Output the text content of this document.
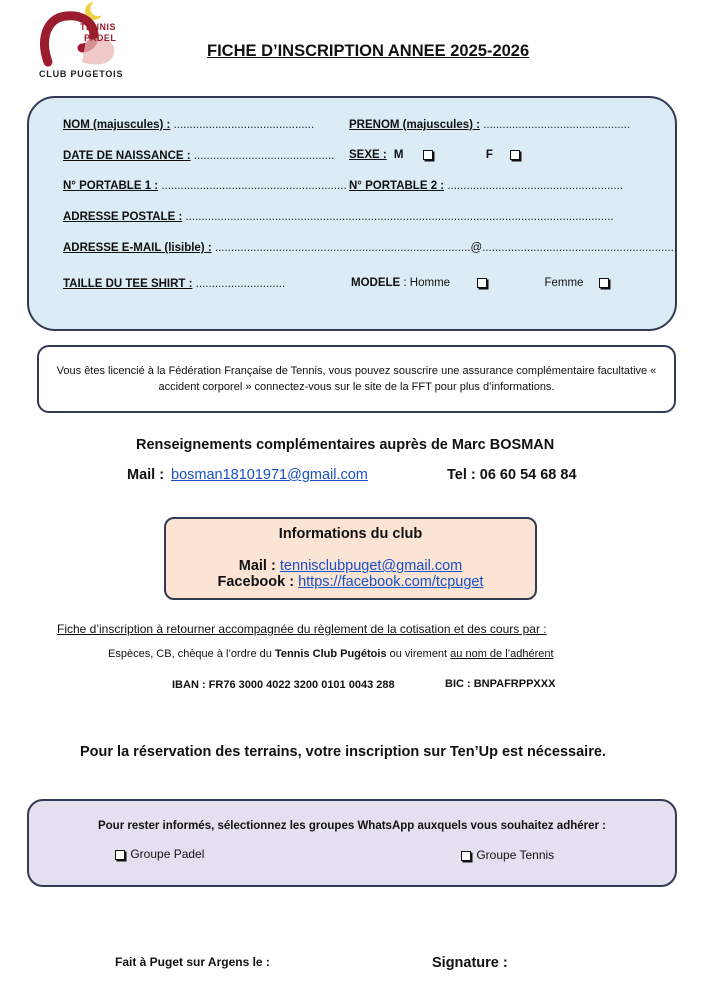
TENNIS
PADEL
CLUB PUGETOIS
FICHE D’INSCRIPTION ANNEE 2025-2026
NOM (majuscules) : ............................................	PRENOM (majuscules) : ..............................................
DATE DE NAISSANCE : ............................................ SEXE : M	F
N° PORTABLE 1 : .......................................................... N° PORTABLE 2 : .......................................................
ADRESSE POSTALE : ......................................................................................................................................
ADRESSE E-MAIL (lisible) : ................................................................................@.............................................................
TAILLE DU TEE SHIRT : ............................	MODELE : Homme	Femme
Vous êtes licencié à la Fédération Française de Tennis, vous pouvez souscrire une assurance complémentaire facultative « accident corporel » connectez-vous sur le site de la FFT pour plus d’informations.
Renseignements complémentaires auprès de Marc BOSMAN
Mail : bosman18101971@gmail.com	Tel : 06 60 54 68 84
Informations du club
Mail : tennisclubpuget@gmail.com
Facebook : https://facebook.com/tcpuget
Fiche d’inscription à retourner accompagnée du règlement de la cotisation et des cours par :
Espèces, CB, chèque à l’ordre du Tennis Club Pugétois ou virement au nom de l’adhérent
IBAN : FR76 3000 4022 3200 0101 0043 288	BIC : BNPAFRPPXXX
Pour la réservation des terrains, votre inscription sur Ten’Up est nécessaire.
Pour rester informés, sélectionnez les groupes WhatsApp auxquels vous souhaitez adhérer :
Groupe Padel	Groupe Tennis
Fait à Puget sur Argens le :	Signature :
